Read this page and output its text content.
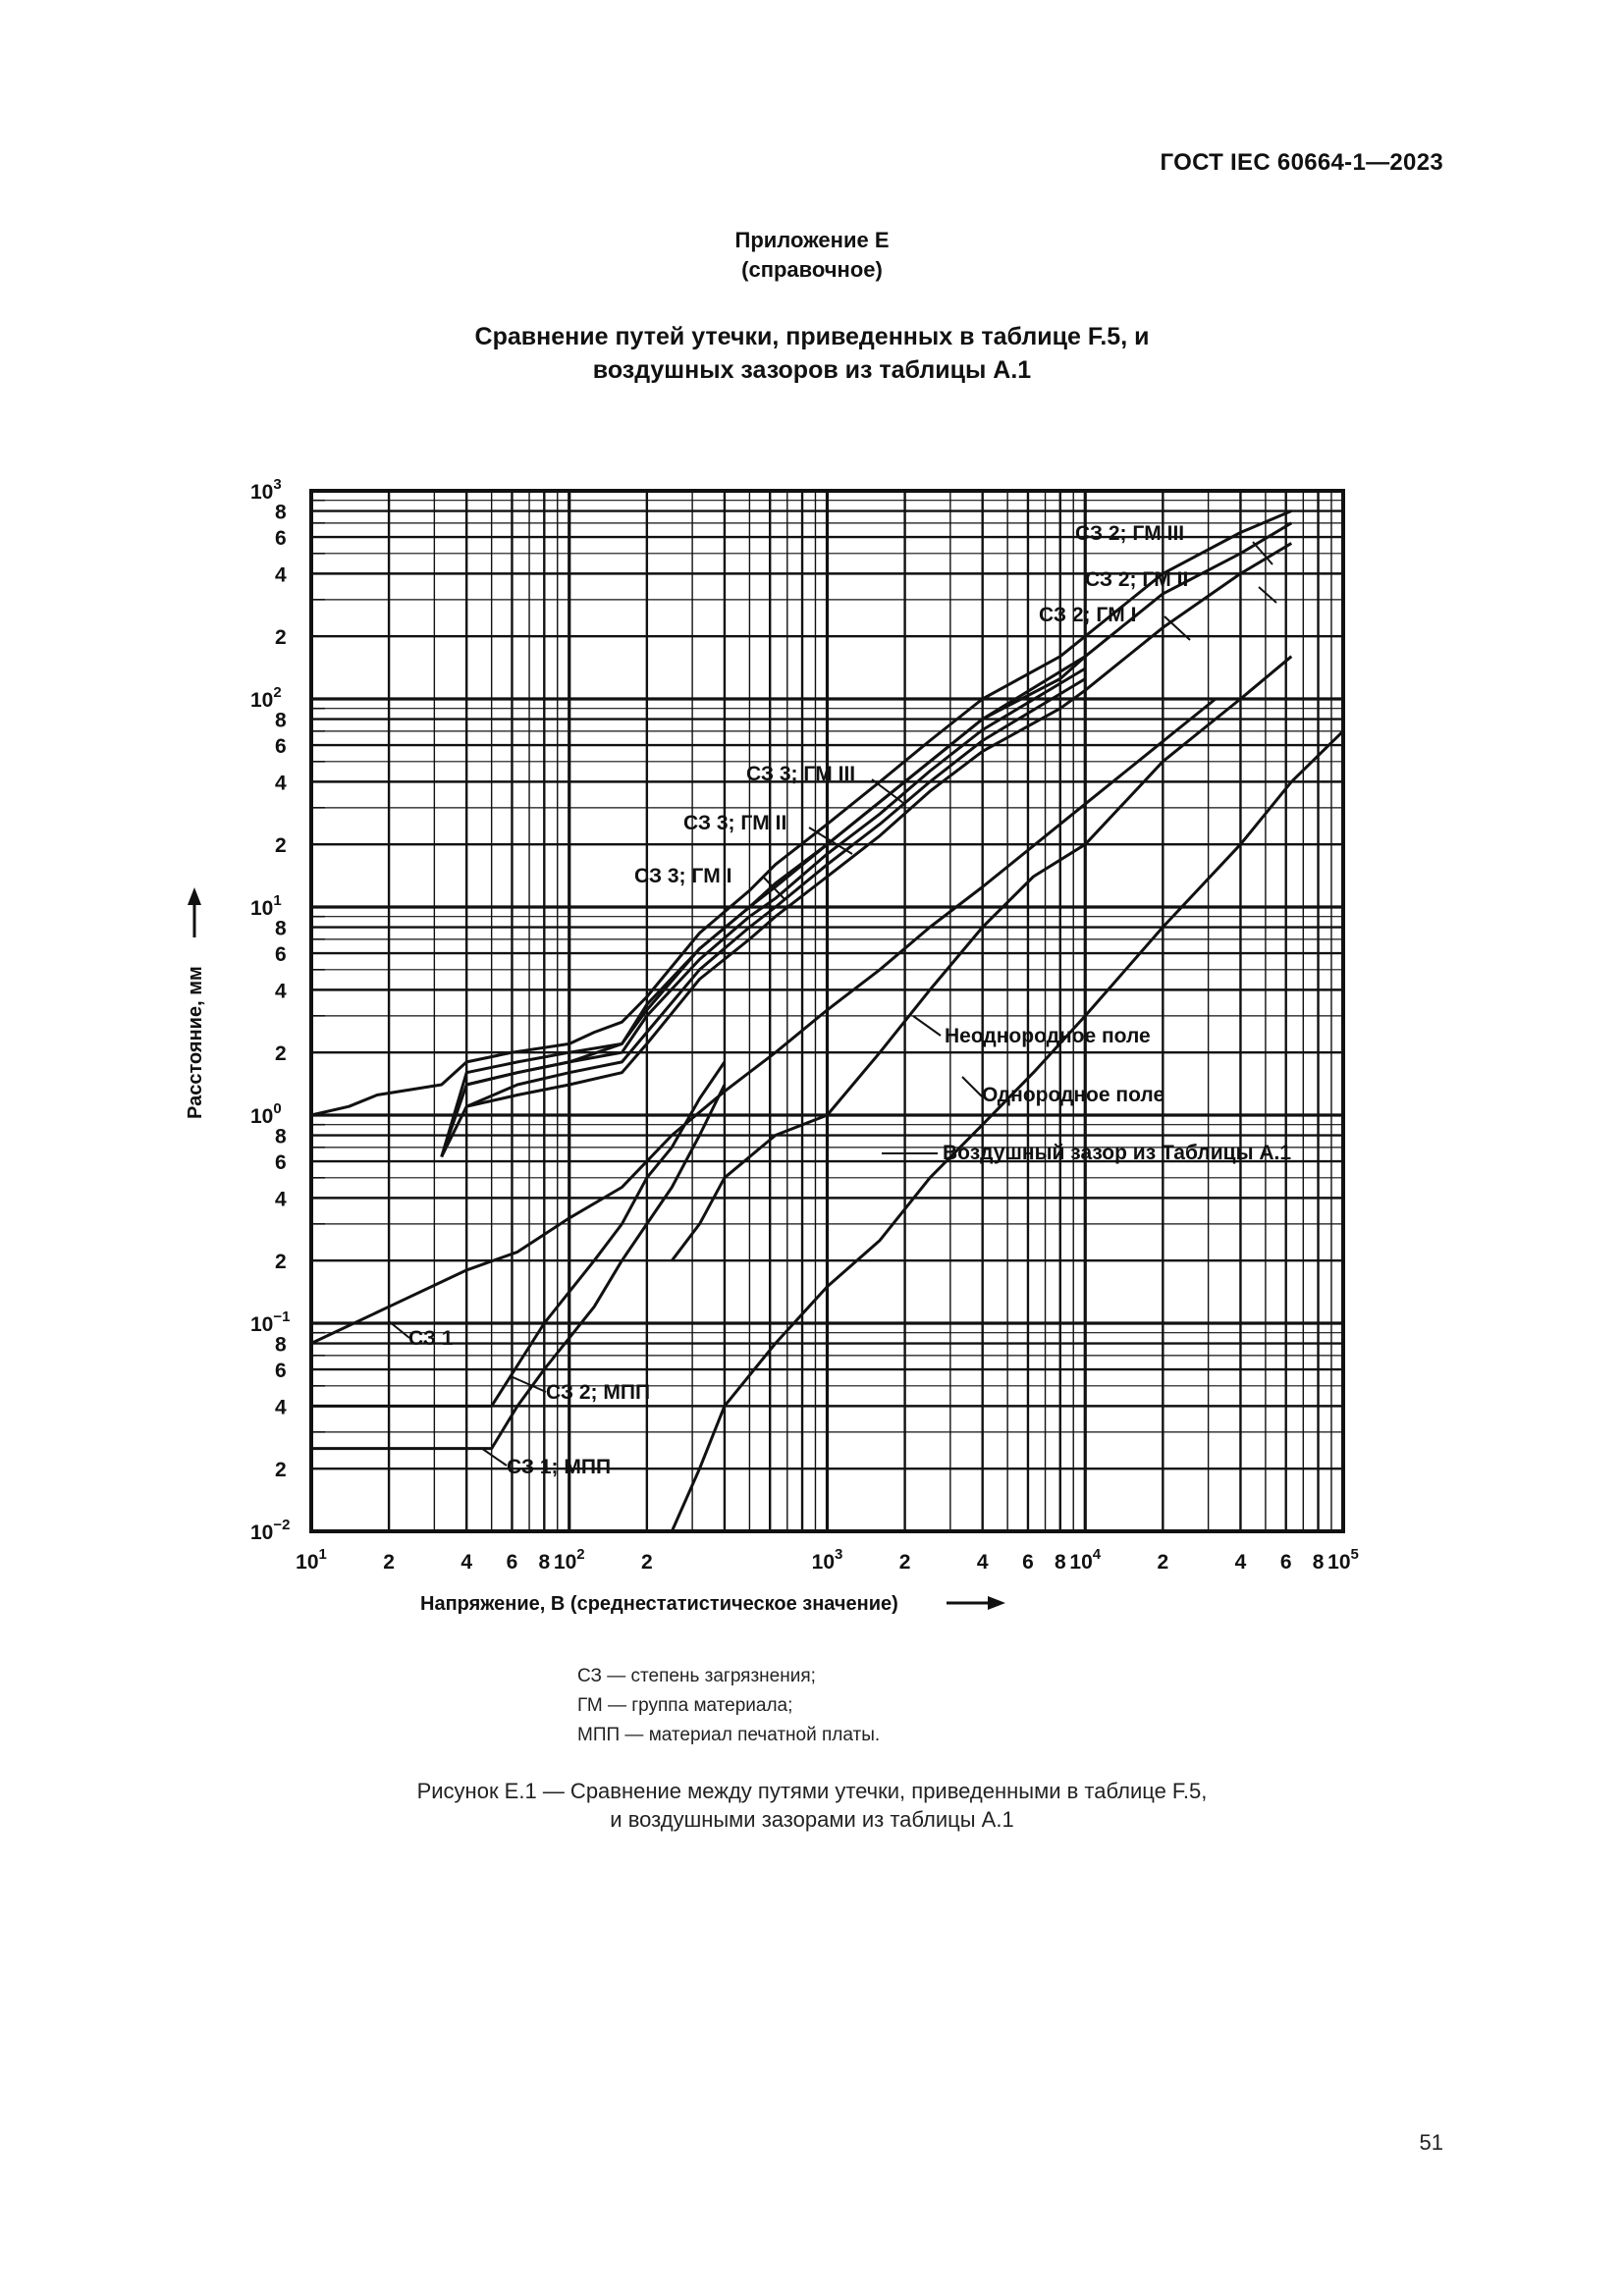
ГОСТ IEC 60664-1—2023
Приложение Е
(справочное)
Сравнение путей утечки, приведенных в таблице F.5, и
воздушных зазоров из таблицы А.1
$10^1$	2	4 6 8 $10^2$	2	$10^3$	2	4 6 8 $10^4$	2	4 6 8 $10^5$
$10^3$
8
6
4
2
$10^2$
8
6
4
2
$10^1$
8
6
4
2
$10^0$
8
6
4
2
$10^{-1}$
8
6
4
2
$10^{-2}$
СЗ 2; ГМ III
СЗ 2; ГМ II
СЗ 2; ГМ I
СЗ 3; ГМ III
СЗ 3; ГМ II
СЗ 3; ГМ I
Неоднородное поле
Однородное поле
Воздушный зазор из Таблицы А.1
СЗ 1
СЗ 2; МПП
СЗ 1; МПП
Напряжение, В (среднестатистическое значение)
Расстояние, мм
СЗ — степень загрязнения;
ГМ — группа материала;
МПП — материал печатной платы.
Рисунок Е.1 — Сравнение между путями утечки, приведенными в таблице F.5,
и воздушными зазорами из таблицы А.1
51
